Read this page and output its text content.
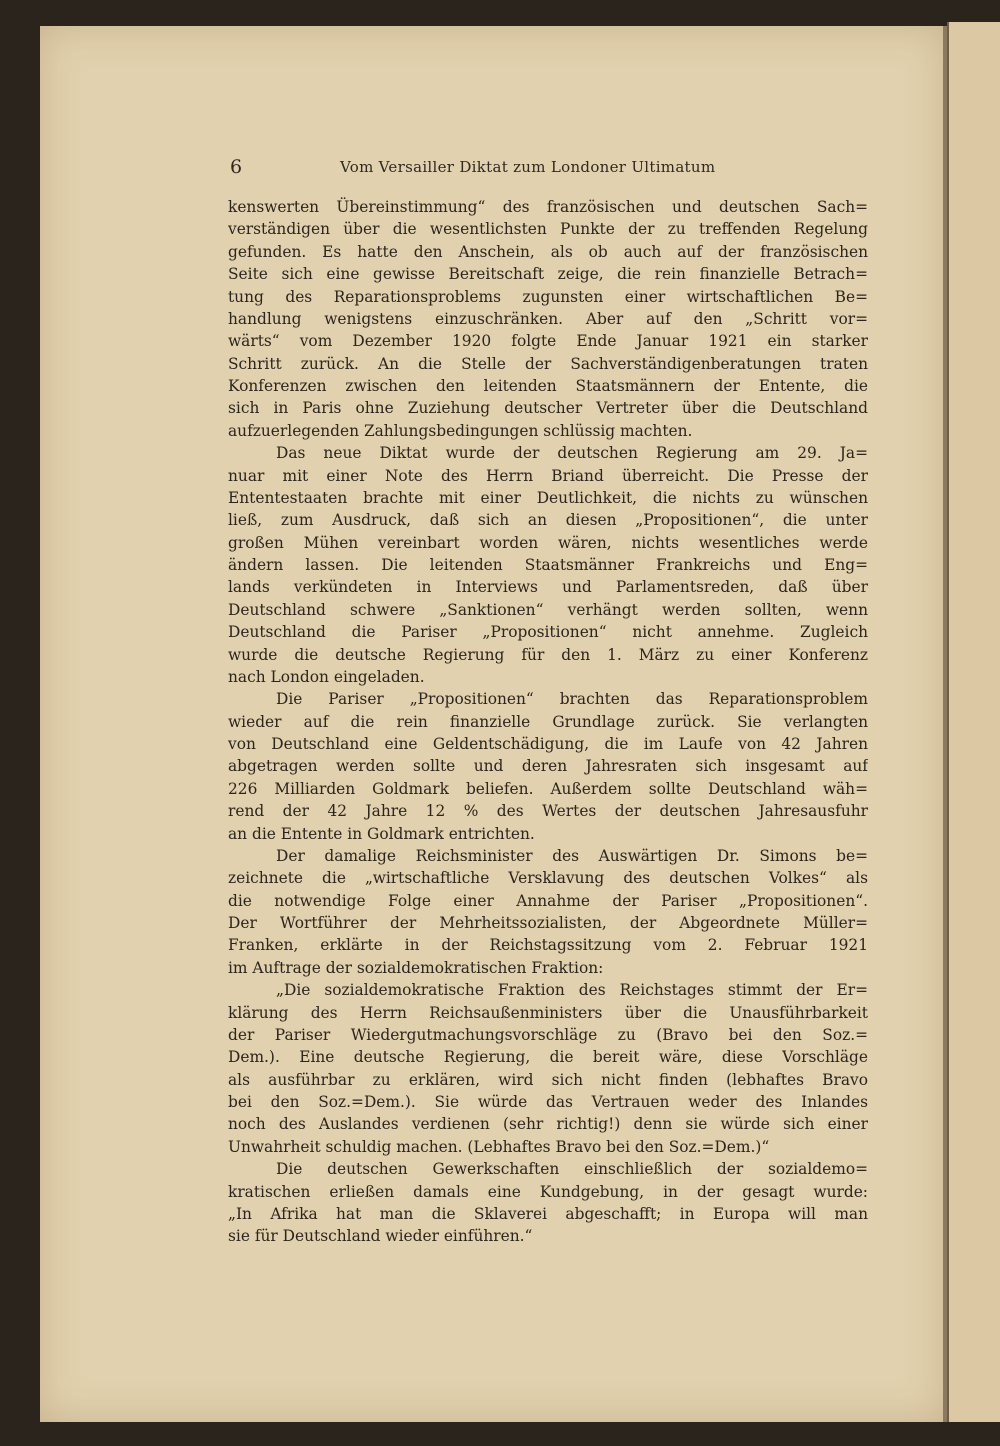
6	Vom Versailler Diktat zum Londoner Ultimatum
kenswerten Übereinstimmung“ des französischen und deutschen Sach=
verständigen über die wesentlichsten Punkte der zu treffenden Regelung
gefunden. Es hatte den Anschein, als ob auch auf der französischen
Seite sich eine gewisse Bereitschaft zeige, die rein finanzielle Betrach=
tung des Reparationsproblems zugunsten einer wirtschaftlichen Be=
handlung wenigstens einzuschränken. Aber auf den „Schritt vor=
wärts“ vom Dezember 1920 folgte Ende Januar 1921 ein starker
Schritt zurück. An die Stelle der Sachverständigenberatungen traten
Konferenzen zwischen den leitenden Staatsmännern der Entente, die
sich in Paris ohne Zuziehung deutscher Vertreter über die Deutschland
aufzuerlegenden Zahlungsbedingungen schlüssig machten.
Das neue Diktat wurde der deutschen Regierung am 29. Ja=
nuar mit einer Note des Herrn Briand überreicht. Die Presse der
Ententestaaten brachte mit einer Deutlichkeit, die nichts zu wünschen
ließ, zum Ausdruck, daß sich an diesen „Propositionen“, die unter
großen Mühen vereinbart worden wären, nichts wesentliches werde
ändern lassen. Die leitenden Staatsmänner Frankreichs und Eng=
lands verkündeten in Interviews und Parlamentsreden, daß über
Deutschland schwere „Sanktionen“ verhängt werden sollten, wenn
Deutschland die Pariser „Propositionen“ nicht annehme. Zugleich
wurde die deutsche Regierung für den 1. März zu einer Konferenz
nach London eingeladen.
Die Pariser „Propositionen“ brachten das Reparationsproblem
wieder auf die rein finanzielle Grundlage zurück. Sie verlangten
von Deutschland eine Geldentschädigung, die im Laufe von 42 Jahren
abgetragen werden sollte und deren Jahresraten sich insgesamt auf
226 Milliarden Goldmark beliefen. Außerdem sollte Deutschland wäh=
rend der 42 Jahre 12 % des Wertes der deutschen Jahresausfuhr
an die Entente in Goldmark entrichten.
Der damalige Reichsminister des Auswärtigen Dr. Simons be=
zeichnete die „wirtschaftliche Versklavung des deutschen Volkes“ als
die notwendige Folge einer Annahme der Pariser „Propositionen“.
Der Wortführer der Mehrheitssozialisten, der Abgeordnete Müller=
Franken, erklärte in der Reichstagssitzung vom 2. Februar 1921
im Auftrage der sozialdemokratischen Fraktion:
„Die sozialdemokratische Fraktion des Reichstages stimmt der Er=
klärung des Herrn Reichsaußenministers über die Unausführbarkeit
der Pariser Wiedergutmachungsvorschläge zu (Bravo bei den Soz.=
Dem.). Eine deutsche Regierung, die bereit wäre, diese Vorschläge
als ausführbar zu erklären, wird sich nicht finden (lebhaftes Bravo
bei den Soz.=Dem.). Sie würde das Vertrauen weder des Inlandes
noch des Auslandes verdienen (sehr richtig!) denn sie würde sich einer
Unwahrheit schuldig machen. (Lebhaftes Bravo bei den Soz.=Dem.)“
Die deutschen Gewerkschaften einschließlich der sozialdemo=
kratischen erließen damals eine Kundgebung, in der gesagt wurde:
„In Afrika hat man die Sklaverei abgeschafft; in Europa will man
sie für Deutschland wieder einführen.“
